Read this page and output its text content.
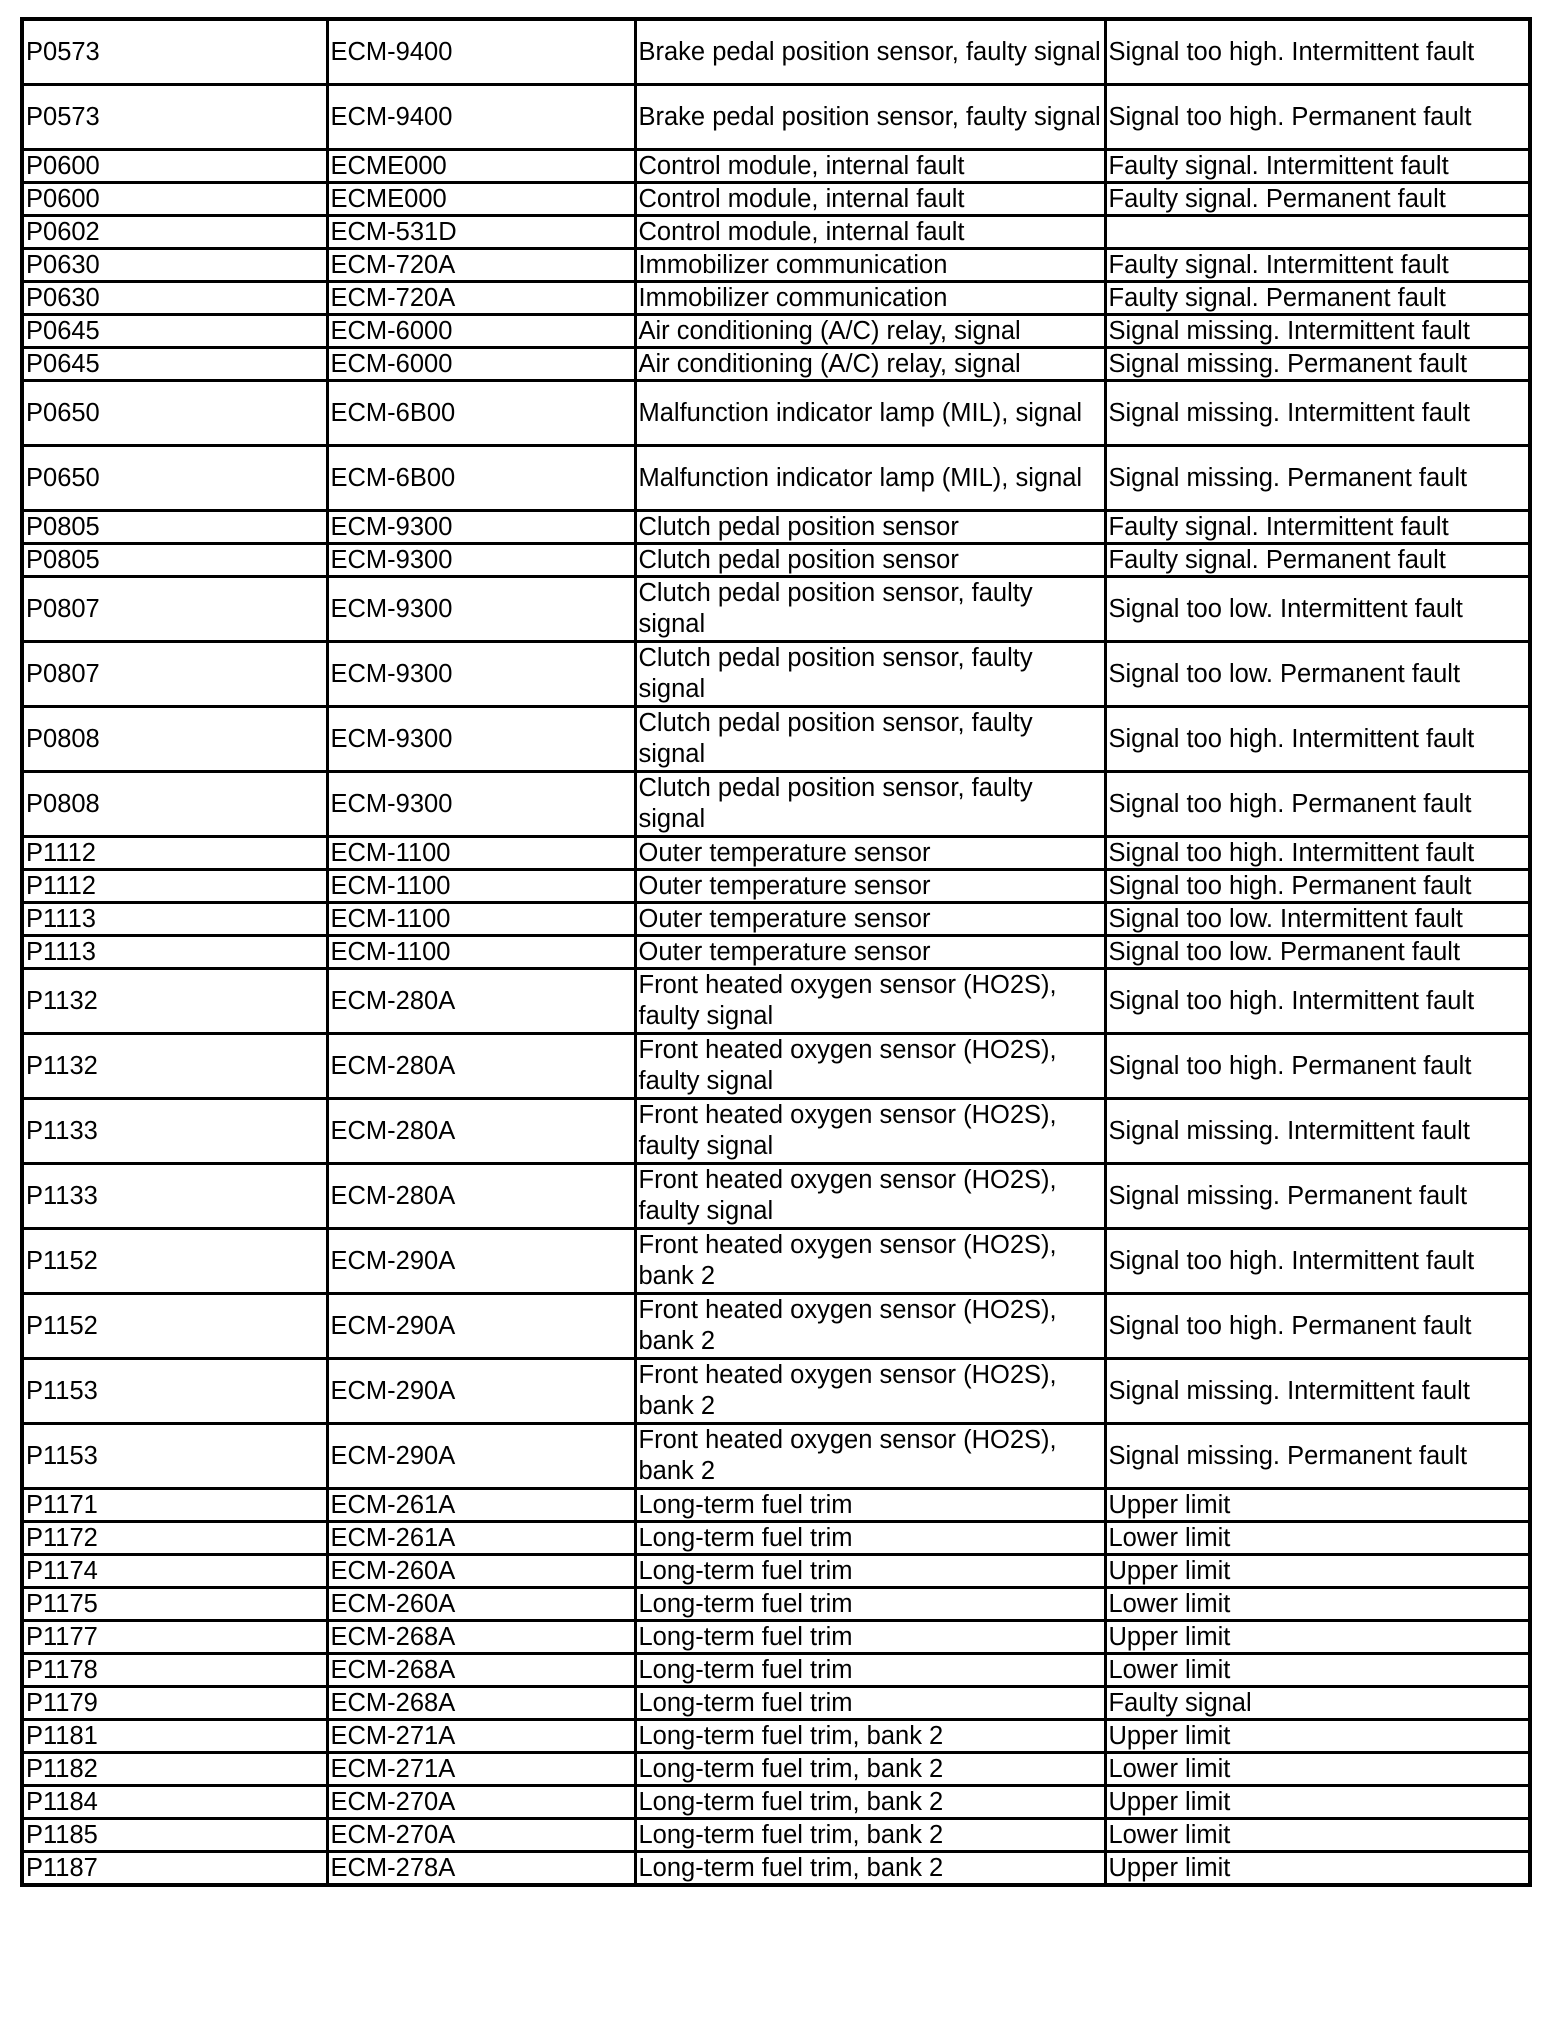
P0573	ECM-9400	Brake pedal position sensor, faulty signal	Signal too high. Intermittent fault
P0573	ECM-9400	Brake pedal position sensor, faulty signal	Signal too high. Permanent fault
P0600	ECME000	Control module, internal fault	Faulty signal. Intermittent fault
P0600	ECME000	Control module, internal fault	Faulty signal. Permanent fault
P0602	ECM-531D	Control module, internal fault	
P0630	ECM-720A	Immobilizer communication	Faulty signal. Intermittent fault
P0630	ECM-720A	Immobilizer communication	Faulty signal. Permanent fault
P0645	ECM-6000	Air conditioning (A/C) relay, signal	Signal missing. Intermittent fault
P0645	ECM-6000	Air conditioning (A/C) relay, signal	Signal missing. Permanent fault
P0650	ECM-6B00	Malfunction indicator lamp (MIL), signal	Signal missing. Intermittent fault
P0650	ECM-6B00	Malfunction indicator lamp (MIL), signal	Signal missing. Permanent fault
P0805	ECM-9300	Clutch pedal position sensor	Faulty signal. Intermittent fault
P0805	ECM-9300	Clutch pedal position sensor	Faulty signal. Permanent fault
P0807	ECM-9300	Clutch pedal position sensor, faulty signal	Signal too low. Intermittent fault
P0807	ECM-9300	Clutch pedal position sensor, faulty signal	Signal too low. Permanent fault
P0808	ECM-9300	Clutch pedal position sensor, faulty signal	Signal too high. Intermittent fault
P0808	ECM-9300	Clutch pedal position sensor, faulty signal	Signal too high. Permanent fault
P1112	ECM-1100	Outer temperature sensor	Signal too high. Intermittent fault
P1112	ECM-1100	Outer temperature sensor	Signal too high. Permanent fault
P1113	ECM-1100	Outer temperature sensor	Signal too low. Intermittent fault
P1113	ECM-1100	Outer temperature sensor	Signal too low. Permanent fault
P1132	ECM-280A	Front heated oxygen sensor (HO2S), faulty signal	Signal too high. Intermittent fault
P1132	ECM-280A	Front heated oxygen sensor (HO2S), faulty signal	Signal too high. Permanent fault
P1133	ECM-280A	Front heated oxygen sensor (HO2S), faulty signal	Signal missing. Intermittent fault
P1133	ECM-280A	Front heated oxygen sensor (HO2S), faulty signal	Signal missing. Permanent fault
P1152	ECM-290A	Front heated oxygen sensor (HO2S), bank 2	Signal too high. Intermittent fault
P1152	ECM-290A	Front heated oxygen sensor (HO2S), bank 2	Signal too high. Permanent fault
P1153	ECM-290A	Front heated oxygen sensor (HO2S), bank 2	Signal missing. Intermittent fault
P1153	ECM-290A	Front heated oxygen sensor (HO2S), bank 2	Signal missing. Permanent fault
P1171	ECM-261A	Long-term fuel trim	Upper limit
P1172	ECM-261A	Long-term fuel trim	Lower limit
P1174	ECM-260A	Long-term fuel trim	Upper limit
P1175	ECM-260A	Long-term fuel trim	Lower limit
P1177	ECM-268A	Long-term fuel trim	Upper limit
P1178	ECM-268A	Long-term fuel trim	Lower limit
P1179	ECM-268A	Long-term fuel trim	Faulty signal
P1181	ECM-271A	Long-term fuel trim, bank 2	Upper limit
P1182	ECM-271A	Long-term fuel trim, bank 2	Lower limit
P1184	ECM-270A	Long-term fuel trim, bank 2	Upper limit
P1185	ECM-270A	Long-term fuel trim, bank 2	Lower limit
P1187	ECM-278A	Long-term fuel trim, bank 2	Upper limit
